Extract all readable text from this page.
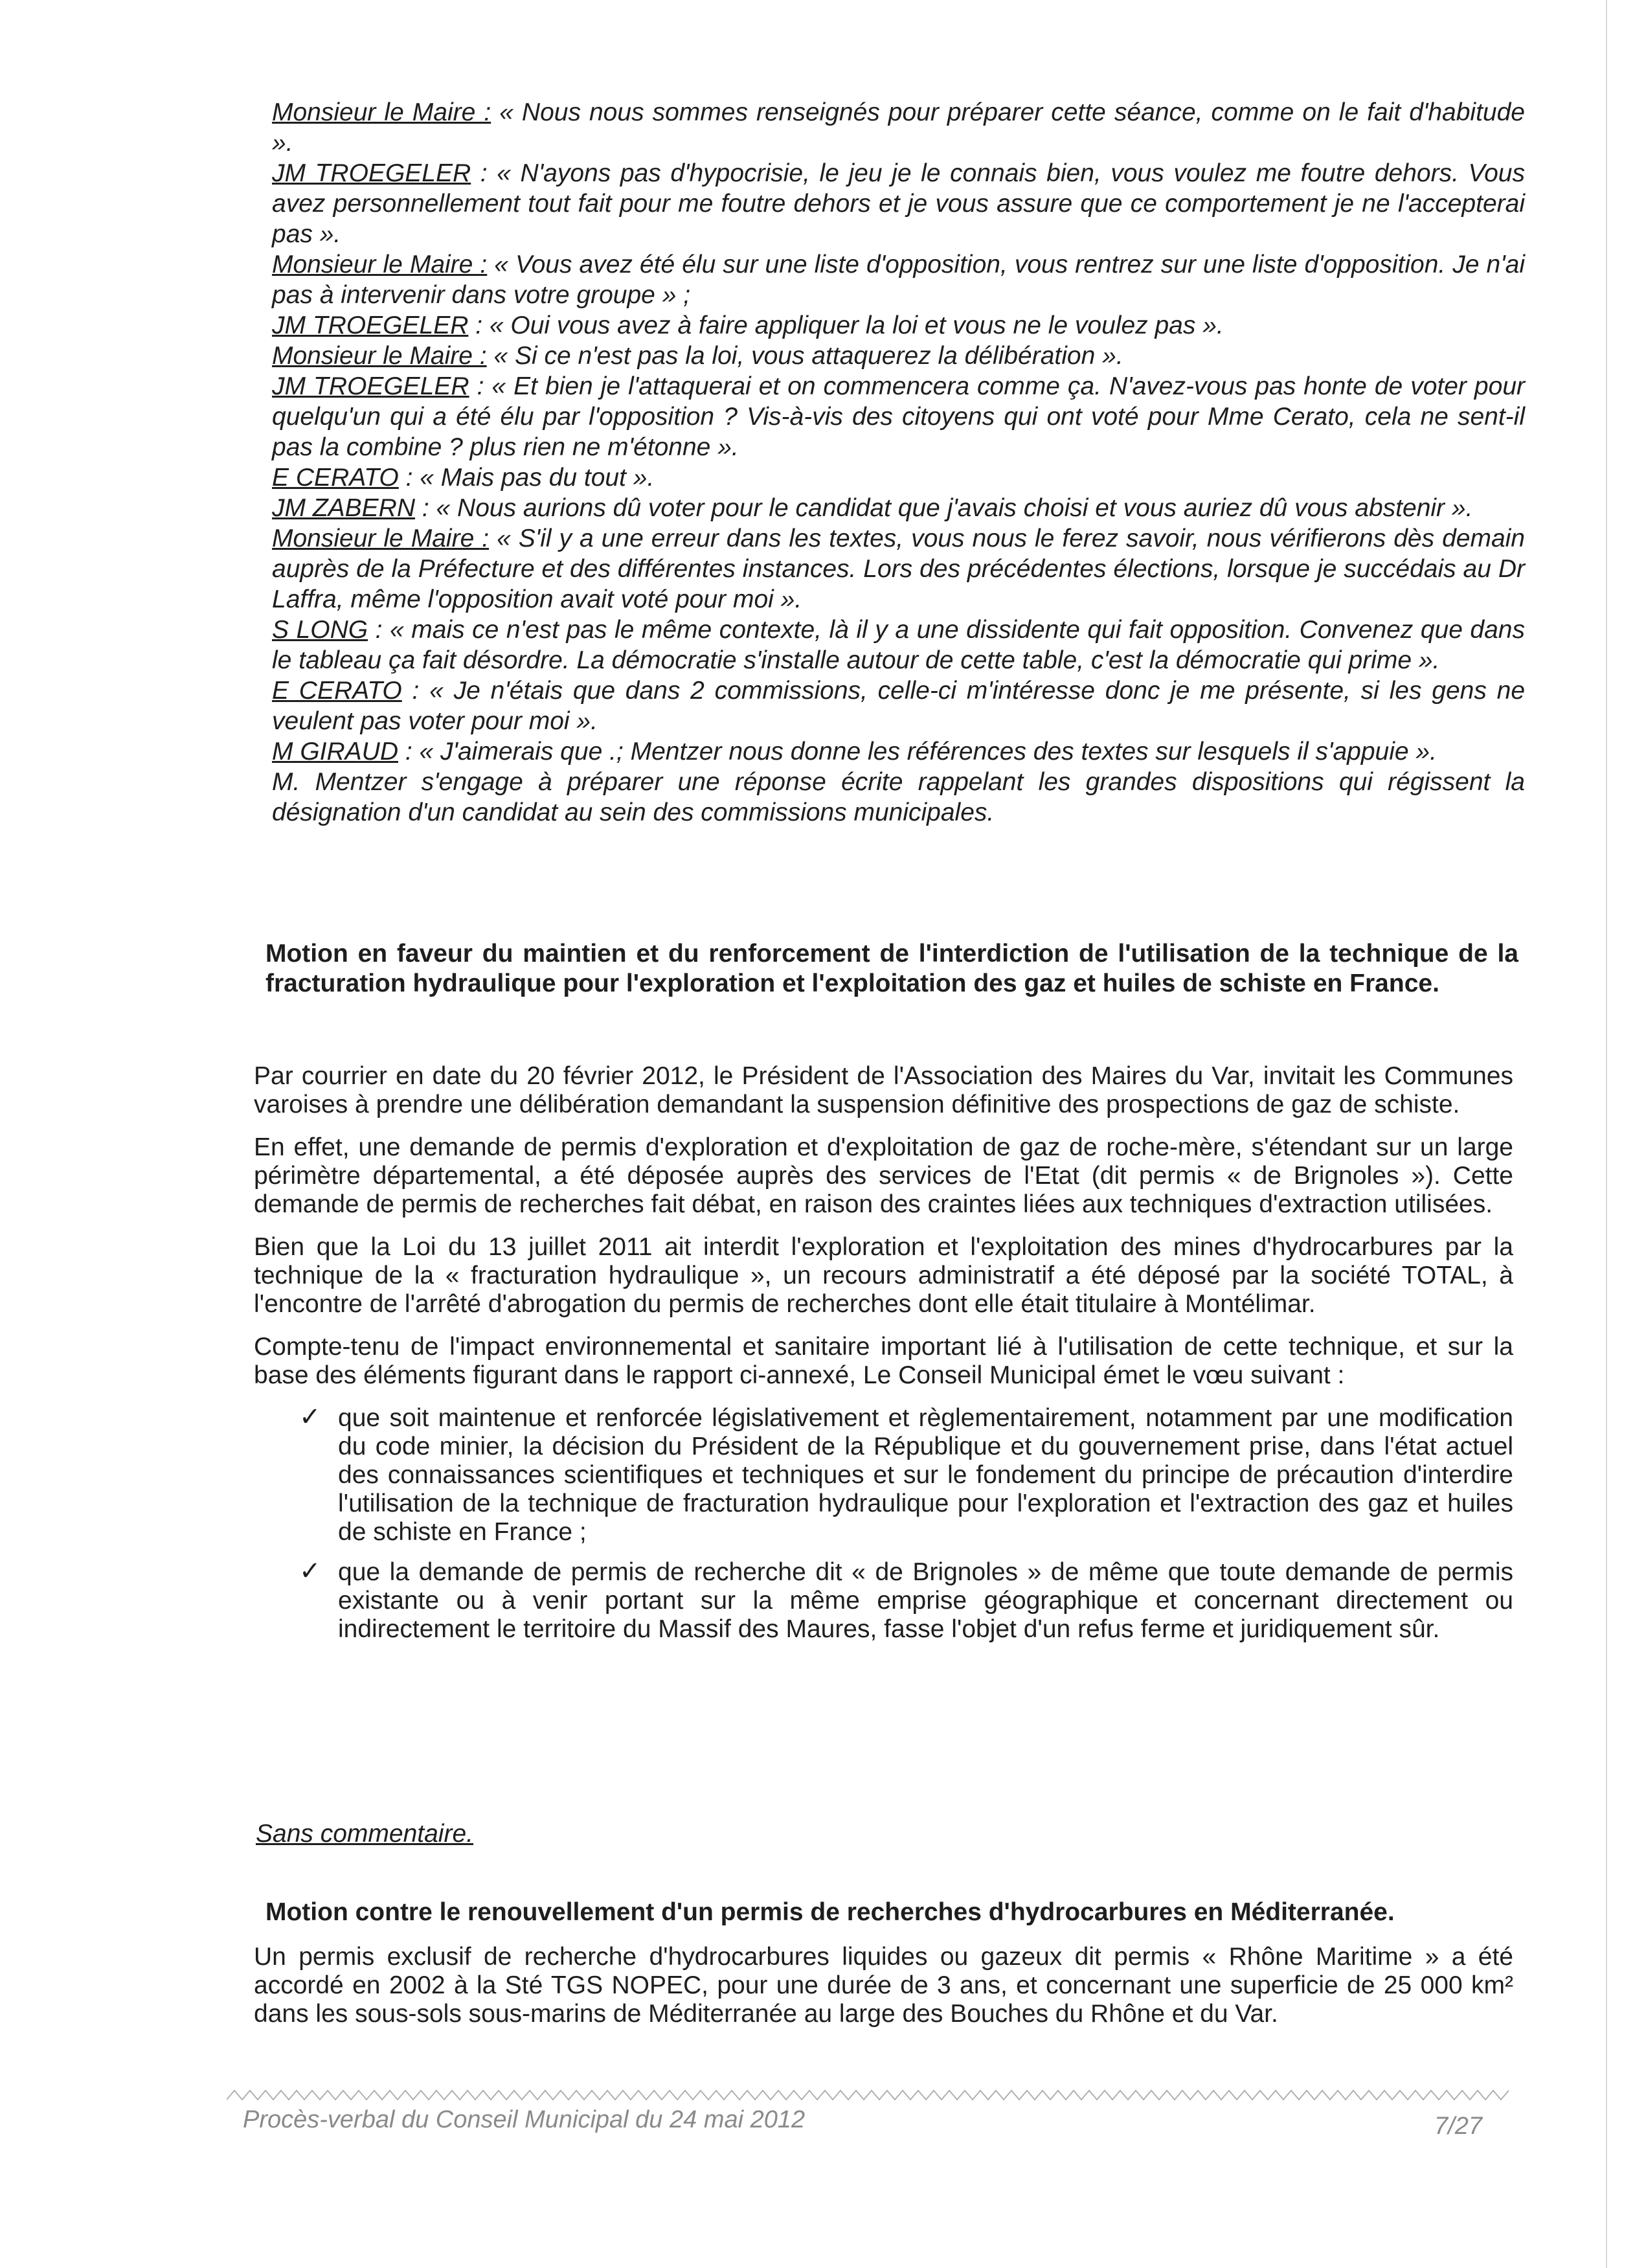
Monsieur le Maire : « Nous nous sommes renseignés pour préparer cette séance, comme on le fait d'habitude ».

JM TROEGELER : « N'ayons pas d'hypocrisie, le jeu je le connais bien, vous voulez me foutre dehors. Vous avez personnellement tout fait pour me foutre dehors et je vous assure que ce comportement je ne l'accepterai pas ».

Monsieur le Maire : « Vous avez été élu sur une liste d'opposition, vous rentrez sur une liste d'opposition. Je n'ai pas à intervenir dans votre groupe » ;

JM TROEGELER : « Oui vous avez à faire appliquer la loi et vous ne le voulez pas ».

Monsieur le Maire : « Si ce n'est pas la loi, vous attaquerez la délibération ».

JM TROEGELER : « Et bien je l'attaquerai et on commencera comme ça. N'avez-vous pas honte de voter pour quelqu'un qui a été élu par l'opposition ? Vis-à-vis des citoyens qui ont voté pour Mme Cerato, cela ne sent-il pas la combine ? plus rien ne m'étonne ».

E CERATO : « Mais pas du tout ».

JM ZABERN : « Nous aurions dû voter pour le candidat que j'avais choisi et vous auriez dû vous abstenir ».

Monsieur le Maire : « S'il y a une erreur dans les textes, vous nous le ferez savoir, nous vérifierons dès demain auprès de la Préfecture et des différentes instances. Lors des précédentes élections, lorsque je succédais au Dr Laffra, même l'opposition avait voté pour moi ».

S LONG : « mais ce n'est pas le même contexte, là il y a une dissidente qui fait opposition. Convenez que dans le tableau ça fait désordre. La démocratie s'installe autour de cette table, c'est la démocratie qui prime ».

E CERATO : « Je n'étais que dans 2 commissions, celle-ci m'intéresse donc je me présente, si les gens ne veulent pas voter pour moi ».

M GIRAUD : « J'aimerais que .; Mentzer nous donne les références des textes sur lesquels il s'appuie ».

M. Mentzer s'engage à préparer une réponse écrite rappelant les grandes dispositions qui régissent la désignation d'un candidat au sein des commissions municipales.

Motion en faveur du maintien et du renforcement de l'interdiction de l'utilisation de la technique de la fracturation hydraulique pour l'exploration et l'exploitation des gaz et huiles de schiste en France.

Par courrier en date du 20 février 2012, le Président de l'Association des Maires du Var, invitait les Communes varoises à prendre une délibération demandant la suspension définitive des prospections de gaz de schiste.

En effet, une demande de permis d'exploration et d'exploitation de gaz de roche-mère, s'étendant sur un large périmètre départemental, a été déposée auprès des services de l'Etat (dit permis « de Brignoles »). Cette demande de permis de recherches fait débat, en raison des craintes liées aux techniques d'extraction utilisées.

Bien que la Loi du 13 juillet 2011 ait interdit l'exploration et l'exploitation des mines d'hydrocarbures par la technique de la « fracturation hydraulique », un recours administratif a été déposé par la société TOTAL, à l'encontre de l'arrêté d'abrogation du permis de recherches dont elle était titulaire à Montélimar.

Compte-tenu de l'impact environnemental et sanitaire important lié à l'utilisation de cette technique, et sur la base des éléments figurant dans le rapport ci-annexé, Le Conseil Municipal émet le vœu suivant :

✓ que soit maintenue et renforcée législativement et règlementairement, notamment par une modification du code minier, la décision du Président de la République et du gouvernement prise, dans l'état actuel des connaissances scientifiques et techniques et sur le fondement du principe de précaution d'interdire l'utilisation de la technique de fracturation hydraulique pour l'exploration et l'extraction des gaz et huiles de schiste en France ;
✓ que la demande de permis de recherche dit « de Brignoles » de même que toute demande de permis existante ou à venir portant sur la même emprise géographique et concernant directement ou indirectement le territoire du Massif des Maures, fasse l'objet d'un refus ferme et juridiquement sûr.

Sans commentaire.

Motion contre le renouvellement d'un permis de recherches d'hydrocarbures en Méditerranée.

Un permis exclusif de recherche d'hydrocarbures liquides ou gazeux dit permis « Rhône Maritime » a été accordé en 2002 à la Sté TGS NOPEC, pour une durée de 3 ans, et concernant une superficie de 25 000 km² dans les sous-sols sous-marins de Méditerranée au large des Bouches du Rhône et du Var.

Procès-verbal du Conseil Municipal du 24 mai 2012	7/27
